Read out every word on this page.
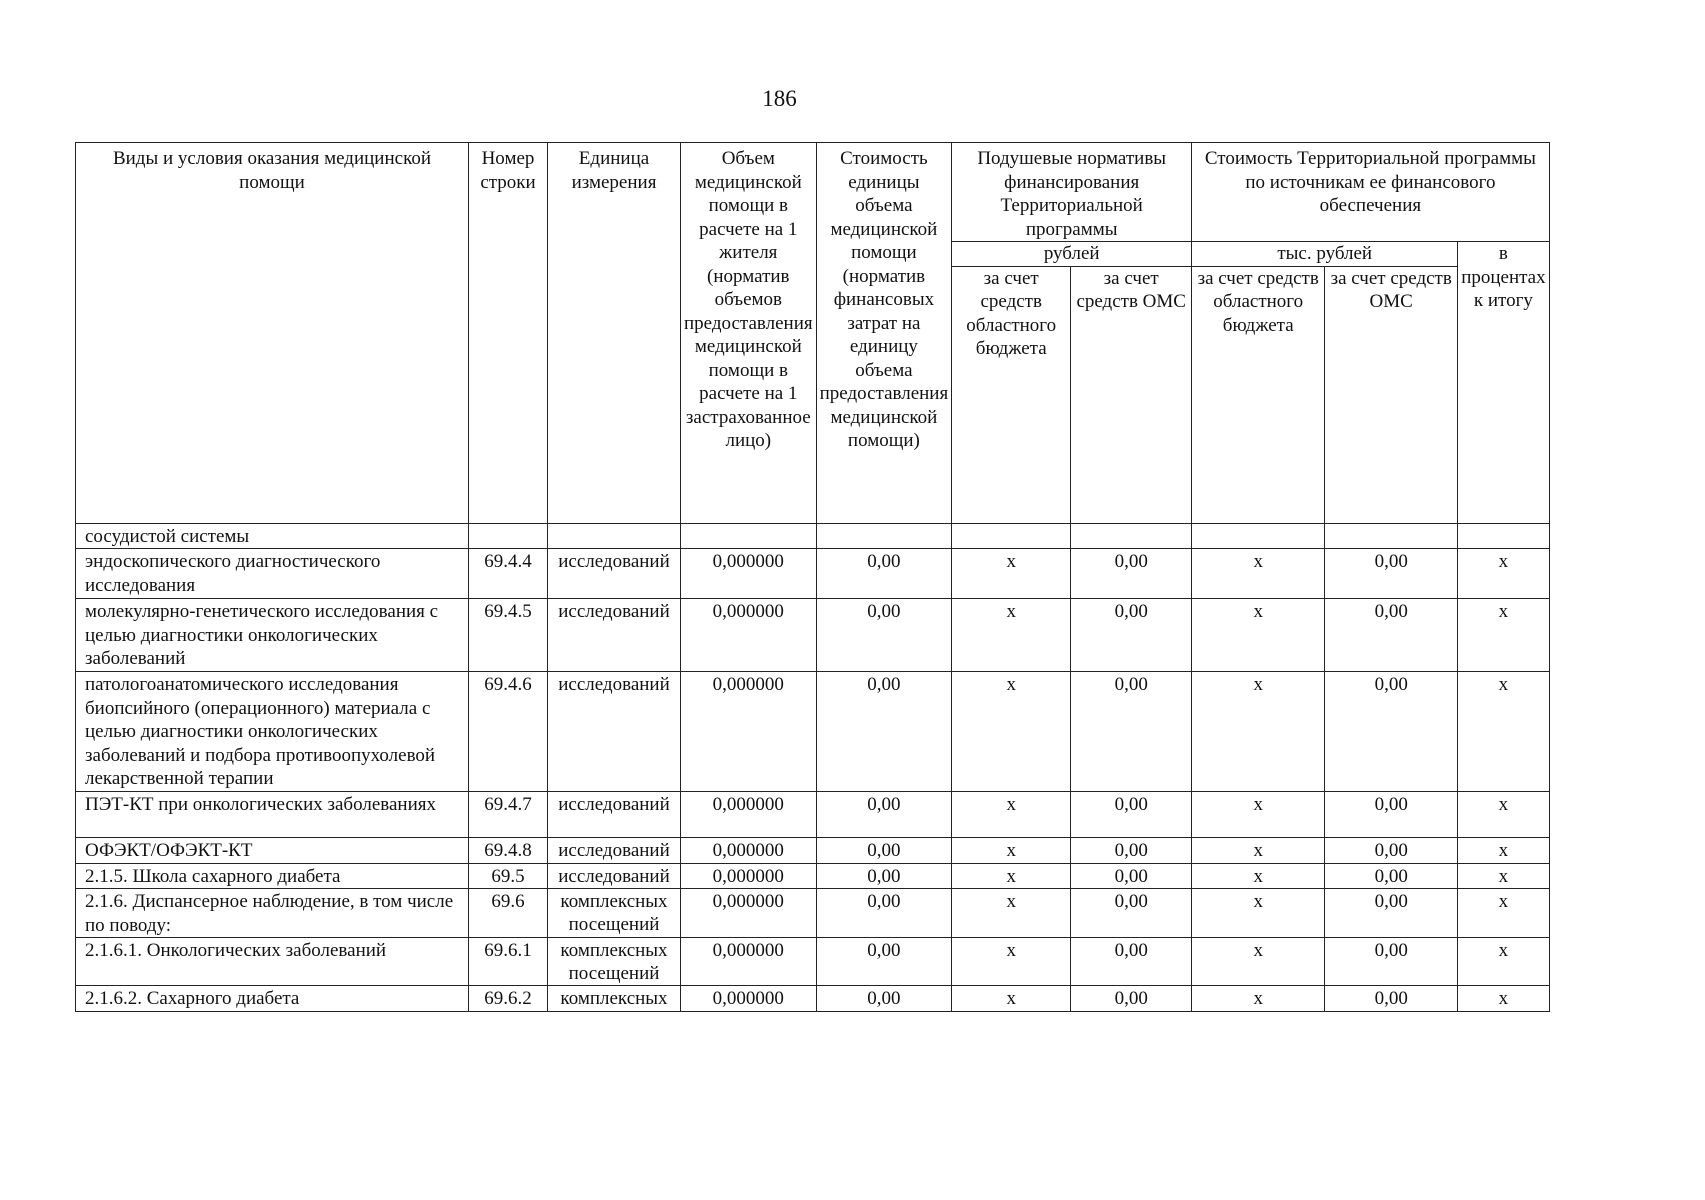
186
Виды и условия оказания медицинской помощи	Номер строки	Единица измерения	Объем медицинской помощи в расчете на 1 жителя (норматив объемов предоставления медицинской помощи в расчете на 1 застрахованное лицо)	Стоимость единицы объема медицинской помощи (норматив финансовых затрат на единицу объема предоставления медицинской помощи)	Подушевые нормативы финансирования Территориальной программы		Стоимость Территориальной программы по источникам ее финансового обеспечения		
					рублей		тыс. рублей		в процентах к итогу
					за счет средств областного бюджета	за счет средств ОМС	за счет средств областного бюджета	за счет средств ОМС	
сосудистой системы									
эндоскопического диагностического исследования	69.4.4	исследований	0,000000	0,00	х	0,00	х	0,00	х
молекулярно-генетического исследования с целью диагностики онкологических заболеваний	69.4.5	исследований	0,000000	0,00	х	0,00	х	0,00	х
патологоанатомического исследования биопсийного (операционного) материала с целью диагностики онкологических заболеваний и подбора противоопухолевой лекарственной терапии	69.4.6	исследований	0,000000	0,00	х	0,00	х	0,00	х
ПЭТ-КТ при онкологических заболеваниях	69.4.7	исследований	0,000000	0,00	х	0,00	х	0,00	х
ОФЭКТ/ОФЭКТ-КТ	69.4.8	исследований	0,000000	0,00	х	0,00	х	0,00	х
2.1.5. Школа сахарного диабета	69.5	исследований	0,000000	0,00	х	0,00	х	0,00	х
2.1.6. Диспансерное наблюдение, в том числе по поводу:	69.6	комплексных посещений	0,000000	0,00	х	0,00	х	0,00	х
2.1.6.1. Онкологических заболеваний	69.6.1	комплексных посещений	0,000000	0,00	х	0,00	х	0,00	х
2.1.6.2. Сахарного диабета	69.6.2	комплексных	0,000000	0,00	х	0,00	х	0,00	х
